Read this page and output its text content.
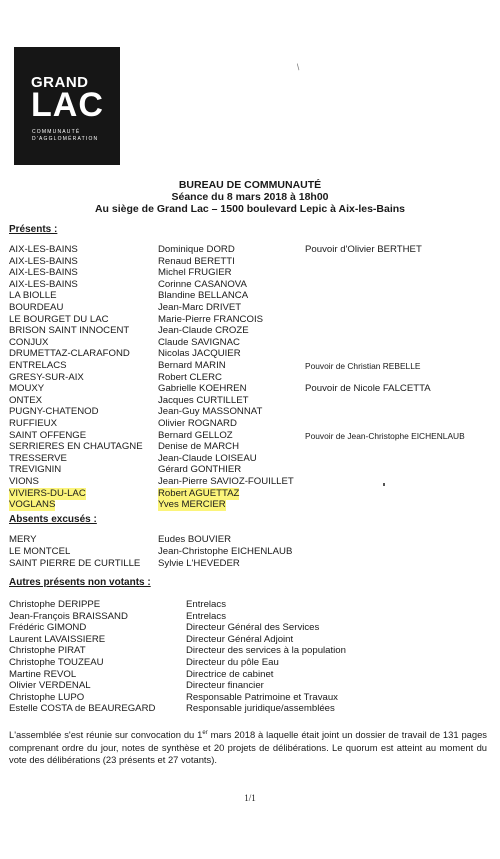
GRAND
LAC
COMMUNAUTÉ
D'AGGLOMÉRATION
/
BUREAU DE COMMUNAUTÉ
Séance du 8 mars 2018 à 18h00
Au siège de Grand Lac – 1500 boulevard Lepic à Aix-les-Bains
Présents :
AIX-LES-BAINS	Dominique DORD	Pouvoir d'Olivier BERTHET
AIX-LES-BAINS	Renaud BERETTI
AIX-LES-BAINS	Michel FRUGIER
AIX-LES-BAINS	Corinne CASANOVA
LA BIOLLE	Blandine BELLANCA
BOURDEAU	Jean-Marc DRIVET
LE BOURGET DU LAC	Marie-Pierre FRANCOIS
BRISON SAINT INNOCENT	Jean-Claude CROZE
CONJUX	Claude SAVIGNAC
DRUMETTAZ-CLARAFOND	Nicolas JACQUIER
ENTRELACS	Bernard MARIN	Pouvoir de Christian REBELLE
GRESY-SUR-AIX	Robert CLERC
MOUXY	Gabrielle KOEHREN	Pouvoir de Nicole FALCETTA
ONTEX	Jacques CURTILLET
PUGNY-CHATENOD	Jean-Guy MASSONNAT
RUFFIEUX	Olivier ROGNARD
SAINT OFFENGE	Bernard GELLOZ	Pouvoir de Jean-Christophe EICHENLAUB
SERRIERES EN CHAUTAGNE Denise de MARCH
TRESSERVE	Jean-Claude LOISEAU
TREVIGNIN	Gérard GONTHIER
VIONS	Jean-Pierre SAVIOZ-FOUILLET
VIVIERS-DU-LAC	Robert AGUETTAZ
VOGLANS	Yves MERCIER
Absents excusés :
MERY	Eudes BOUVIER
LE MONTCEL	Jean-Christophe EICHENLAUB
SAINT PIERRE DE CURTILLE Sylvie L'HEVEDER
Autres présents non votants :
Christophe DERIPPE	Entrelacs
Jean-François BRAISSAND	Entrelacs
Frédéric GIMOND	Directeur Général des Services
Laurent LAVAISSIERE	Directeur Général Adjoint
Christophe PIRAT	Directeur des services à la population
Christophe TOUZEAU	Directeur du pôle Eau
Martine REVOL	Directrice de cabinet
Olivier VERDENAL	Directeur financier
Christophe LUPO	Responsable Patrimoine et Travaux
Estelle COSTA de BEAUREGARD	Responsable juridique/assemblées
L'assemblée s'est réunie sur convocation du 1er mars 2018 à laquelle était joint un dossier de travail de 131 pages comprenant ordre du jour, notes de synthèse et 20 projets de délibérations. Le quorum est atteint au moment du vote des délibérations (23 présents et 27 votants).
1/1
